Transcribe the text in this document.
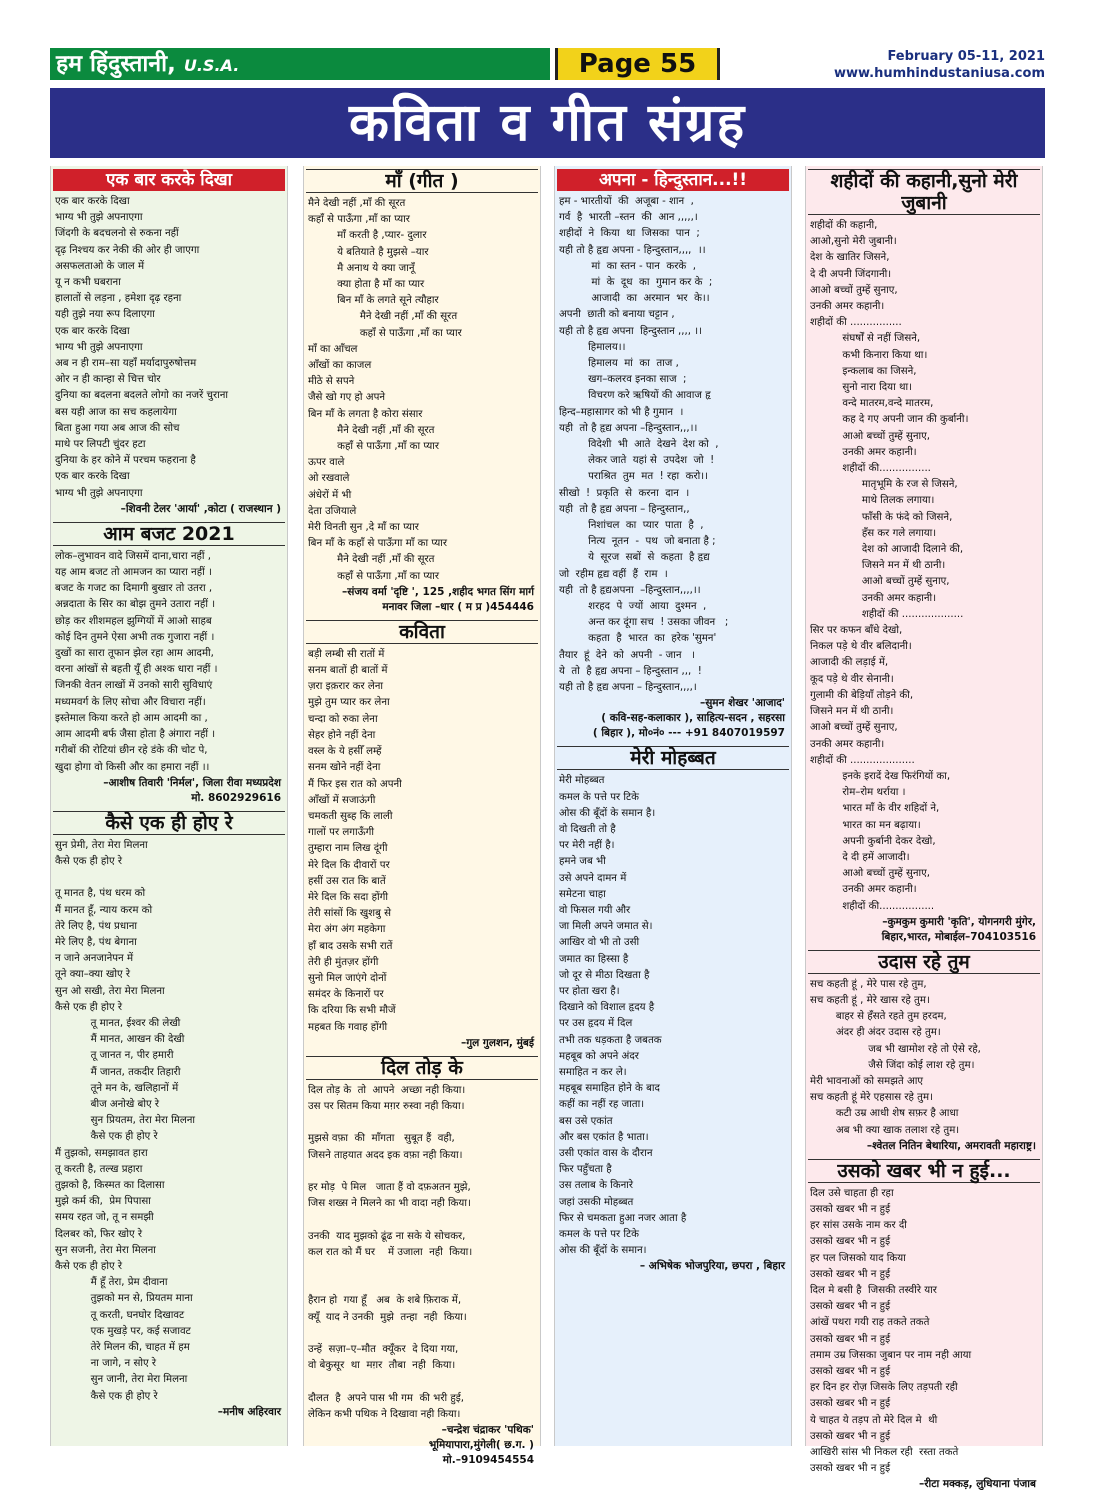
हम हिंदुस्तानी, U.S.A.	Page 55	February 05-11, 2021
www.humhindustaniusa.com
कविता व गीत संग्रह
एक बार करके दिखा
एक बार करके दिखा
भाग्य भी तुझे अपनाएगा
जिंदगी के बदचलनो से रुकना नहीं
दृढ़ निश्चय कर नेकी की ओर ही जाएगा
असफलताओ के जाल में
यू न कभी घबराना
हालातों से लड़ना , हमेशा दृढ़ रहना
यही तुझे नया रूप दिलाएगा
एक बार करके दिखा
भाग्य भी तुझे अपनाएगा
अब न ही राम–सा यहाँ मर्यादापुरुषोत्तम
ओर न ही कान्हा से चित्त चोर
दुनिया का बदलना बदलते लोगो का नजरें चुराना
बस यही आज का सच कहलायेगा
बिता हुआ गया अब आज की सोच
माथे पर लिपटी चुंदर हटा
दुनिया के हर कोने में परचम फहराना है
एक बार करके दिखा
भाग्य भी तुझे अपनाएगा
–शिवनी टेलर 'आर्या' ,कोटा ( राजस्थान )
आम बजट 2021
लोक–लुभावन वादे जिसमें दाना,चारा नहीं ,
यह आम बजट तो आमजन का प्यारा नहीं ।
बजट के गजट का दिमागी बुखार तो उतरा ,
अन्नदाता के सिर का बोझ तुमने उतारा नहीं ।
छोड़ कर शीशमहल झुग्गियों में आओ साहब
कोई दिन तुमने ऐसा अभी तक गुजारा नहीं ।
दुखों का सारा तूफान झेल रहा आम आदमी,
वरना आंखों से बहती यूँ ही अश्क धारा नहीं ।
जिनकी वेतन लाखों में उनको सारी सुविधाएं
मध्यमवर्ग के लिए सोचा और विचारा नहीं।
इस्तेमाल किया करते हो आम आदमी का ,
आम आदमी बर्फ जैसा होता है अंगारा नहीं ।
गरीबों की रोटियां छीन रहे डंके की चोट पे,
खुदा होगा वो किसी और का हमारा नहीं ।।
–आशीष तिवारी 'निर्मल', जिला रीवा मध्यप्रदेश
मो. 8602929616
कैसे एक ही होए रे
सुन प्रेमी, तेरा मेरा मिलना
कैसे एक ही होए रे

तू मानत है, पंथ धरम को
मैं मानत हूँ, न्याय करम को
तेरे लिए है, पंथ प्रधाना
मेरे लिए है, पंथ बेगाना
न जाने अनजानेपन में
तूने क्या–क्या खोए रे
सुन ओ सखी, तेरा मेरा मिलना
कैसे एक ही होए रे
तू मानत, ईश्वर की लेखी
मैं मानत, आखन की देखी
तू जानत न, पीर हमारी
मैं जानत, तकदीर तिहारी
तूने मन के, खलिहानों में
बीज अनोखे बोए रे
सुन प्रियतम, तेरा मेरा मिलना
कैसे एक ही होए रे
मैं तुझको, समझावत हारा
तू करती है, तल्ख प्रहारा
तुझको है, किस्मत का दिलासा
मुझे कर्म की,  प्रेम पिपासा
समय रहत जो, तू न समझी
दिलबर को, फिर खोए रे
सुन सजनी, तेरा मेरा मिलना
कैसे एक ही होए रे
मैं हूँ तेरा, प्रेम दीवाना
तुझको मन से, प्रियतम माना
तू करती, घनघोर दिखावट
एक मुखड़े पर, कई सजावट
तेरे मिलन की, चाहत में हम
ना जागे, न सोए रे
सुन जानी, तेरा मेरा मिलना
कैसे एक ही होए रे
–मनीष अहिरवार
माँ (गीत )
मैने देखी नहीं ,माँ की सूरत
कहाँ से पाऊँगा ,माँ का प्यार
माँ करती है ,प्यार- दुलार
ये बतियाते है मुझसे –यार
मै अनाथ ये क्या जानूँ
क्या होता है माँ का प्यार
बिन माँ के लगते सूने त्यौहार
मैने देखी नहीं ,माँ की सूरत
कहाँ से पाऊँगा ,माँ का प्यार
माँ का आँचल
आँखों का काजल
मीठे से सपने
जैसे खो गए हो अपने
बिन माँ के लगता है कोरा संसार
मैने देखी नहीं ,माँ की सूरत
कहाँ से पाऊँगा ,माँ का प्यार
ऊपर वाले
ओ रखवाले
अंधेरों में भी
देता उजियाले
मेरी विनती सुन ,दे माँ का प्यार
बिन माँ के कहाँ से पाऊँगा माँ का प्यार
मैने देखी नहीं ,माँ की सूरत
कहाँ से पाऊँगा ,माँ का प्यार
–संजय वर्मा 'दृष्टि ', 125 ,शहीद भगत सिंग मार्ग
मनावर जिला –धार ( म प्र )454446
कविता
बड़ी लम्बी सी रातों में
सनम बातों ही बातों में
ज़रा इक़रार कर लेना
मुझे तुम प्यार कर लेना
चन्दा को रुका लेना
सेहर होने नहीं देना
वस्ल के ये हसीँ लम्हें
सनम खोने नहीं देना
मैं फिर इस रात को अपनी
आँखों में सजाऊंगी
चमकती सुब्ह कि लाली
गालों पर लगाऊँगी
तुम्हारा नाम लिख दूंगी
मेरे दिल कि दीवारों पर
हसीं उस रात कि बातें
मेरे दिल कि सदा होंगी
तेरी सांसों कि खुशबु से
मेरा अंग अंग महकेगा
हाँ बाद उसके सभी रातें
तेरी ही मुंतज़र होंगी
सुनो मिल जाएंगे दोनों
समंदर के किनारों पर
कि दरिया कि सभी मौजें
महबत कि गवाह होंगी
–गुल गुलशन, मुंबई
दिल तोड़ के
दिल तोड़ के  तो  आपने  अच्छा नही किया।
उस पर सितम किया मग़र रुस्वा नही किया।

मुझसे वफ़ा  की  माँगता   सुबूत हैं  वही,
जिसने ताहयात अदद इक वफ़ा नही किया।

हर मोड़  पे मिल   जाता हैं वो दफ़अतन मुझे,
जिस शख्स ने मिलने का भी वादा नही किया।

उनकी  याद मुझको ढूंढ ना सके ये सोचकर,
कल रात को मैं घर    में उजाला  नही  किया।

हैरान हो  गया हूँ   अब  के शबे फ़िराक में,
क्यूँ  याद ने उनकी  मुझे  तन्हा  नही  किया।

उन्हें  सज़ा–ए–मौत  क्यूँकर  दे दिया गया,
वो बेकुसूर  था  मग़र  तौबा  नही  किया।

दौलत  है  अपने पास भी गम  की भरी हुई,
लेकिन कभी पथिक ने दिखावा नही किया।
–चन्द्रेश चंद्राकर 'पथिक'
भूमियापारा,मुंगेली( छ.ग. )
मो.–9109454554
अपना - हिन्दुस्तान...!!
हम - भारतीयों  की  अजूबा - शान  ,
गर्व  है  भारती –स्तन  की  आन ,,,,,।
शहीदों  ने  किया  था  जिसका  पान  ;
यही तो है हृद्य अपना - हिन्दुस्तान,,,,  ।।
मां  का स्तन - पान  करके  ,
मां  के  दूध  का  गुमान कर के  ;
आजादी  का  अरमान  भर  के।।
अपनी  छाती को बनाया चट्टान ,
यही तो है हृद्य अपना  हिन्दुस्तान ,,,, ।।
हिमालय।।
हिमालय  मां  का  ताज ,
खग–कलरव इनका साज  ;
विचरण करे ऋषियों की आवाज हृ
हिन्द–महासागर को भी है गुमान  ।
यही  तो है हृद्य अपना –हिन्दुस्तान,,,।।
विदेशी  भी  आते  देखने  देश को  ,
लेकर जाते  यहां से  उपदेश  जो  !
पराश्रित  तुम  मत  ! रहा  करो।।
सीखो  !  प्रकृति  से  करना  दान  ।
यही  तो है हृद्य अपना – हिन्दुस्तान,,
निशांचल  का  प्यार  पाता  है  ,
नित्य  नूतन  -  पथ  जो बनाता है ;
ये  सूरज  सबों  से  कहता  है हृद्य
जो  रहीम हृद्य वहीं  हैं  राम  ।
यही  तो है हृद्यअपना  –हिन्दुस्तान,,,,।।
शरहद  पे  ज्यों  आया  दुश्मन  ,
अन्त कर दूंगा सच  ! उसका जीवन   ;
कहता  है  भारत  का  हरेक 'सुमन'
तैयार  हूं  देने  को  अपनी  - जान   ।
ये  तो  है हृद्य अपना – हिन्दुस्तान ,,,  !
यही तो है हृद्य अपना – हिन्दुस्तान,,,,।
–सुमन शेखर 'आजाद'
( कवि-सह-कलाकार ), साहित्य-सदन , सहरसा
( बिहार ), मो०नं० --- +91 8407019597
मेरी मोहब्बत
मेरी मोहब्बत
कमल के पत्ते पर टिके
ओस की बूँदों के समान है।
वो दिखती तो है
पर मेरी नहीं है।
हमने जब भी
उसे अपने दामन में
समेटना चाहा
वो फिसल गयी और
जा मिली अपने जमात से।
आखिर वो भी तो उसी
जमात का हिस्सा है
जो दूर से मीठा दिखता है
पर होता खरा है।
दिखाने को विशाल हृदय है
पर उस हृदय में दिल
तभी तक धड़कता है जबतक
महबूब को अपने अंदर
समाहित न कर ले।
महबूब समाहित होने के बाद
कहीं का नहीं रह जाता।
बस उसे एकांत
और बस एकांत है भाता।
उसी एकांत वास के दौरान
फिर पहुँचता है
उस तलाब के किनारे
जहां उसकी मोहब्बत
फिर से चमकता हुआ नजर आता है
कमल के पत्ते पर टिके
ओस की बूँदों के समान।
– अभिषेक भोजपुरिया, छपरा , बिहार
शहीदों की कहानी,सुनो मेरी जुबानी
शहीदों की कहानी,
आओ,सुनो मेरी जुबानी।
देश के खातिर जिसने,
दे दी अपनी जिंदगानी।
आओ बच्चों तुम्हें सुनाए,
उनकी अमर कहानी।
शहीदों की ................
संघर्षों से नहीं जिसने,
कभी किनारा किया था।
इन्कलाब का जिसने,
सुनो नारा दिया था।
वन्दे मातरम,वन्दे मातरम,
कह दे गए अपनी जान की कुर्बानी।
आओ बच्चों तुम्हें सुनाए,
उनकी अमर कहानी।
शहीदों की................
मातृभूमि के रज से जिसने,
माथे तिलक लगाया।
फाँसी के फंदे को जिसने,
हँस कर गले लगाया।
देश को आजादी दिलाने की,
जिसने मन में थी ठानी।
आओ बच्चों तुम्हें सुनाए,
उनकी अमर कहानी।
शहीदों की ...................
सिर पर कफन बाँधे देखो,
निकल पड़े थे वीर बलिदानी।
आजादी की लड़ाई में,
कूद पड़े थे वीर सेनानी।
गुलामी की बेड़ियाँ तोड़ने की,
जिसने मन में थी ठानी।
आओ बच्चों तुम्हें सुनाए,
उनकी अमर कहानी।
शहीदों की ....................
इनके इरादें देख फिरंगियों का,
रोम–रोम थर्राया ।
भारत माँ के वीर शहिदों ने,
भारत का मन बढ़ाया।
अपनी कुर्बानी देकर देखो,
दे दी हमें आजादी।
आओ बच्चों तुम्हें सुनाए,
उनकी अमर कहानी।
शहीदों की.................
–कुमकुम कुमारी 'कृति', योगनगरी मुंगेर,
बिहार,भारत, मोबाईल–704103516
उदास रहे तुम
सच कहती हूं , मेरे पास रहे तुम,
सच कहती हूं , मेरे खास रहे तुम।
बाहर से हँसते रहते तुम हरदम,
अंदर ही अंदर उदास रहे तुम।
जब भी खामोश रहे तो ऐसे रहे,
जैसे जिंदा कोई लाश रहे तुम।
मेरी भावनाओं को समझते आए
सच कहती हूं मेरे एहसास रहे तुम।
कटी उम्र आधी शेष सफ़र है आधा
अब भी क्या खाक तलाश रहे तुम।
–श्वेतल नितिन बेथारिया, अमरावती महाराष्ट्र।
उसको खबर भी न हुई...
दिल उसे चाहता ही रहा
उसको खबर भी न हुई
हर सांस उसके नाम कर दी
उसको खबर भी न हुई
हर पल जिसको याद किया
उसको खबर भी न हुई
दिल मे बसी है  जिसकी तस्वीरे यार
उसको खबर भी न हुई
आंखें पथरा गयी राह तकते तकते
उसको खबर भी न हुई
तमाम उम्र जिसका जुबान पर नाम नही आया
उसको खबर भी न हुई
हर दिन हर रोज़ जिसके लिए तड़पती रही
उसको खबर भी न हुई
ये चाहत ये तड़प तो मेरे दिल मे  थी
उसको खबर भी न हुई
आखिरी सांस भी निकल रही  रस्ता तकते
उसको खबर भी न हुई
–रीटा मक्कड़, लुधियाना पंजाब
